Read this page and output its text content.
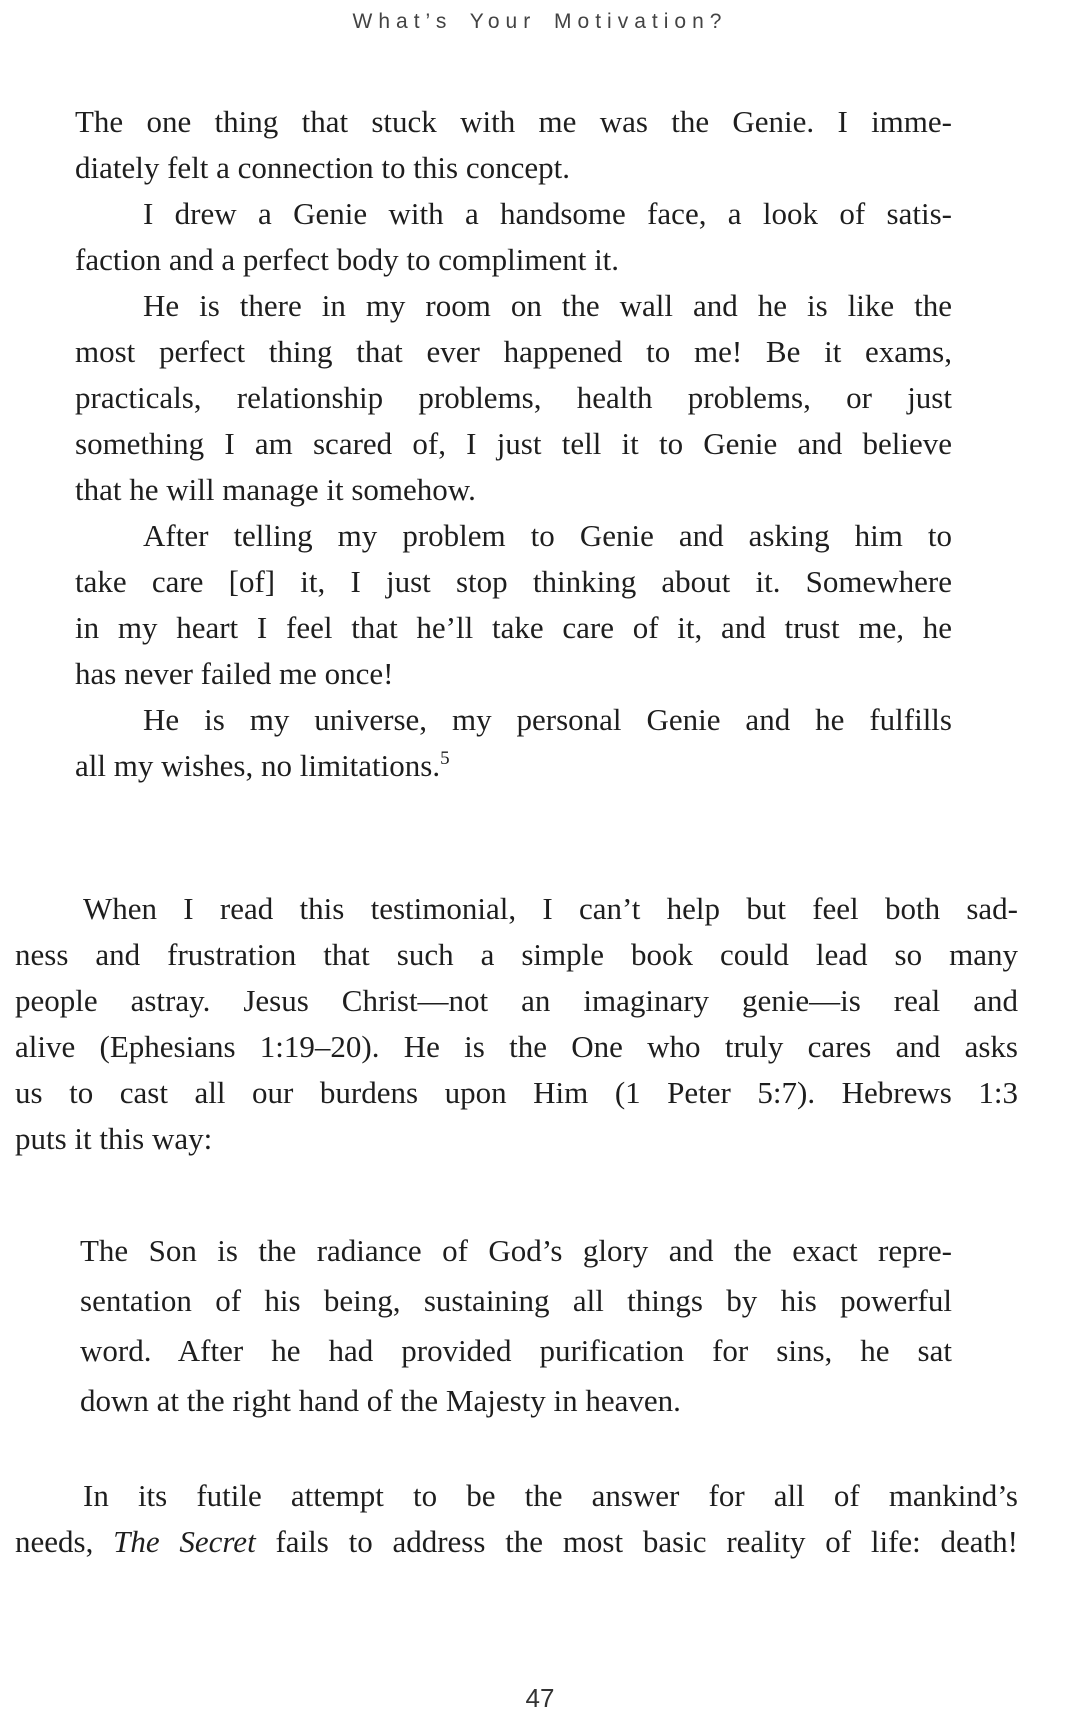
What’s Your Motivation?
The one thing that stuck with me was the Genie. I imme-
diately felt a connection to this concept.
I drew a Genie with a handsome face, a look of satis-
faction and a perfect body to compliment it.
He is there in my room on the wall and he is like the
most perfect thing that ever happened to me! Be it exams,
practicals, relationship problems, health problems, or just
something I am scared of, I just tell it to Genie and believe
that he will manage it somehow.
After telling my problem to Genie and asking him to
take care [of] it, I just stop thinking about it. Somewhere
in my heart I feel that he’ll take care of it, and trust me, he
has never failed me once!
He is my universe, my personal Genie and he fulfills
all my wishes, no limitations.$^5$
When I read this testimonial, I can’t help but feel both sad-
ness and frustration that such a simple book could lead so many
people astray. Jesus Christ—not an imaginary genie—is real and
alive (Ephesians 1:19–20). He is the One who truly cares and asks
us to cast all our burdens upon Him (1 Peter 5:7). Hebrews 1:3
puts it this way:
The Son is the radiance of God’s glory and the exact repre-
sentation of his being, sustaining all things by his powerful
word. After he had provided purification for sins, he sat
down at the right hand of the Majesty in heaven.
In its futile attempt to be the answer for all of mankind’s
needs, The Secret fails to address the most basic reality of life: death!
47
